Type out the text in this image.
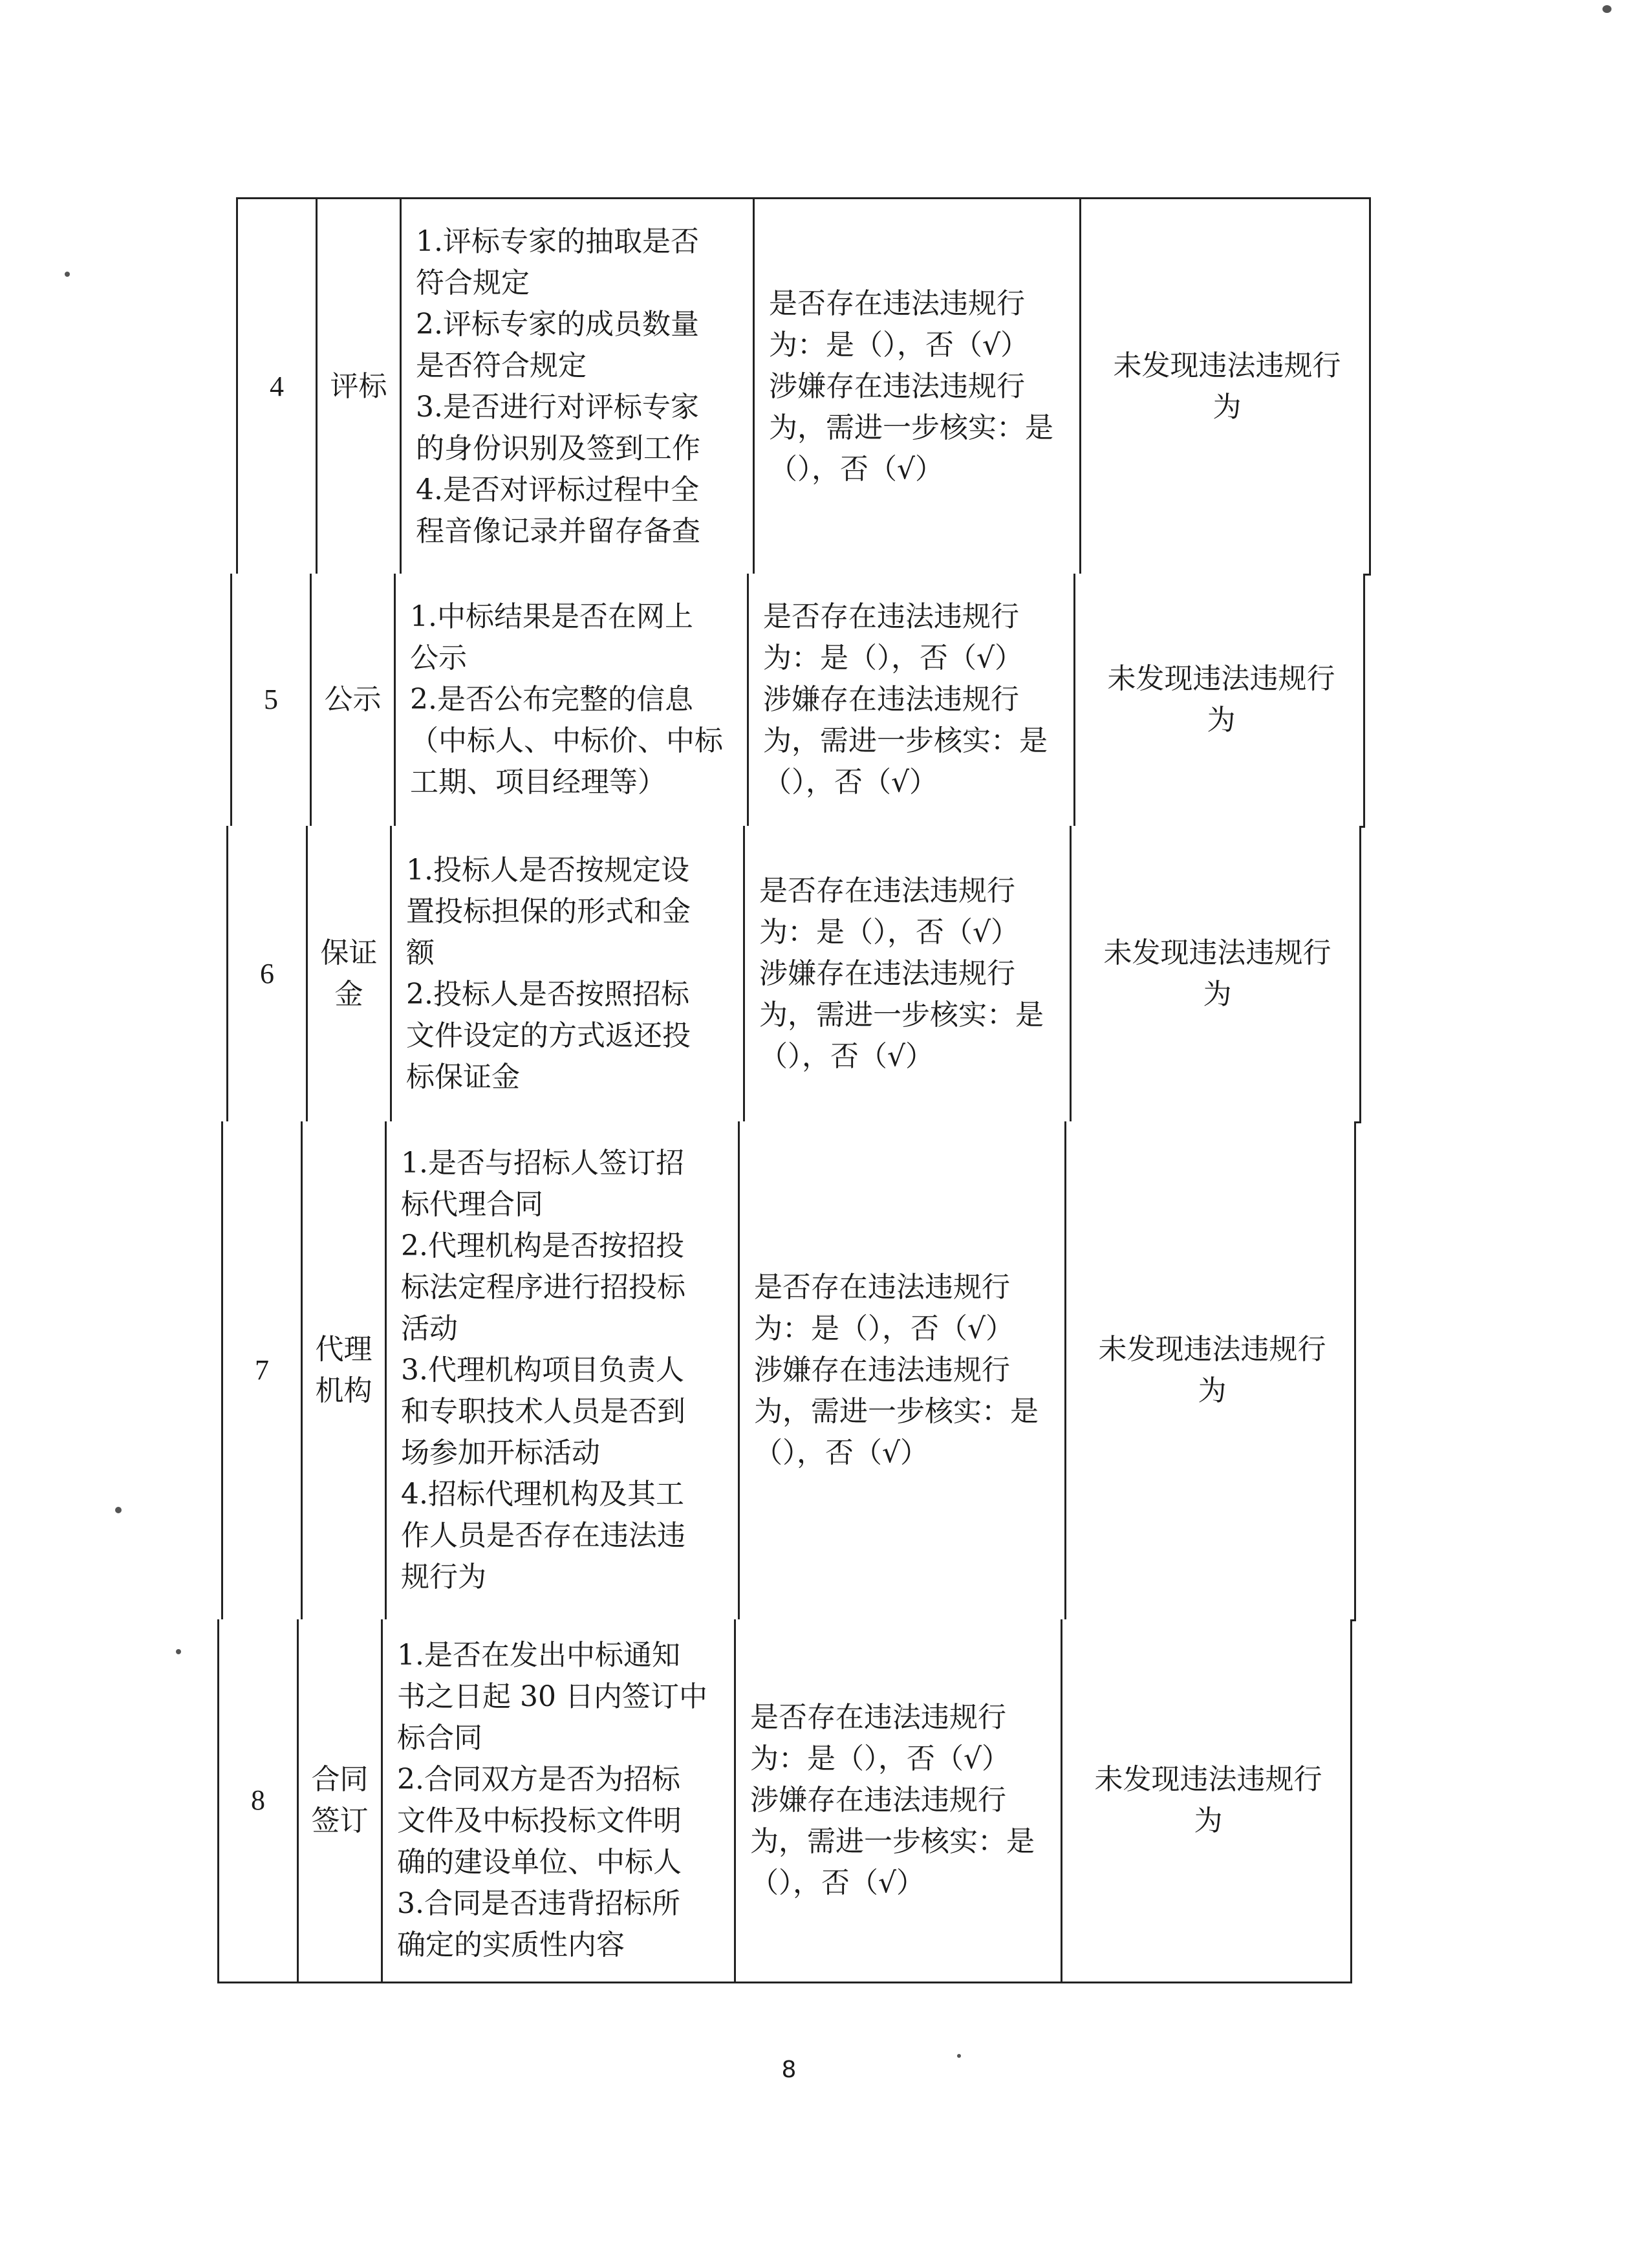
4	评标
1.评标专家的抽取是否
符合规定
2.评标专家的成员数量
是否符合规定
3.是否进行对评标专家
的身份识别及签到工作
4.是否对评标过程中全
程音像记录并留存备查
是否存在违法违规行
为：是（），否（√）
涉嫌存在违法违规行
为，需进一步核实：是
（），否（√）
未发现违法违规行
为
5	公示
1.中标结果是否在网上
公示
2.是否公布完整的信息
（中标人、中标价、中标
工期、项目经理等）
是否存在违法违规行
为：是（），否（√）
涉嫌存在违法违规行
为，需进一步核实：是
（），否（√）
未发现违法违规行
为
6
保证
金
1.投标人是否按规定设
置投标担保的形式和金
额
2.投标人是否按照招标
文件设定的方式返还投
标保证金
是否存在违法违规行
为：是（），否（√）
涉嫌存在违法违规行
为，需进一步核实：是
（），否（√）
未发现违法违规行
为
7
代理
机构
1.是否与招标人签订招
标代理合同
2.代理机构是否按招投
标法定程序进行招投标
活动
3.代理机构项目负责人
和专职技术人员是否到
场参加开标活动
4.招标代理机构及其工
作人员是否存在违法违
规行为
是否存在违法违规行
为：是（），否（√）
涉嫌存在违法违规行
为，需进一步核实：是
（），否（√）
未发现违法违规行
为
8
合同
签订
1.是否在发出中标通知
书之日起 30 日内签订中
标合同
2.合同双方是否为招标
文件及中标投标文件明
确的建设单位、中标人
3.合同是否违背招标所
确定的实质性内容
是否存在违法违规行
为：是（），否（√）
涉嫌存在违法违规行
为，需进一步核实：是
（），否（√）
未发现违法违规行
为
8
